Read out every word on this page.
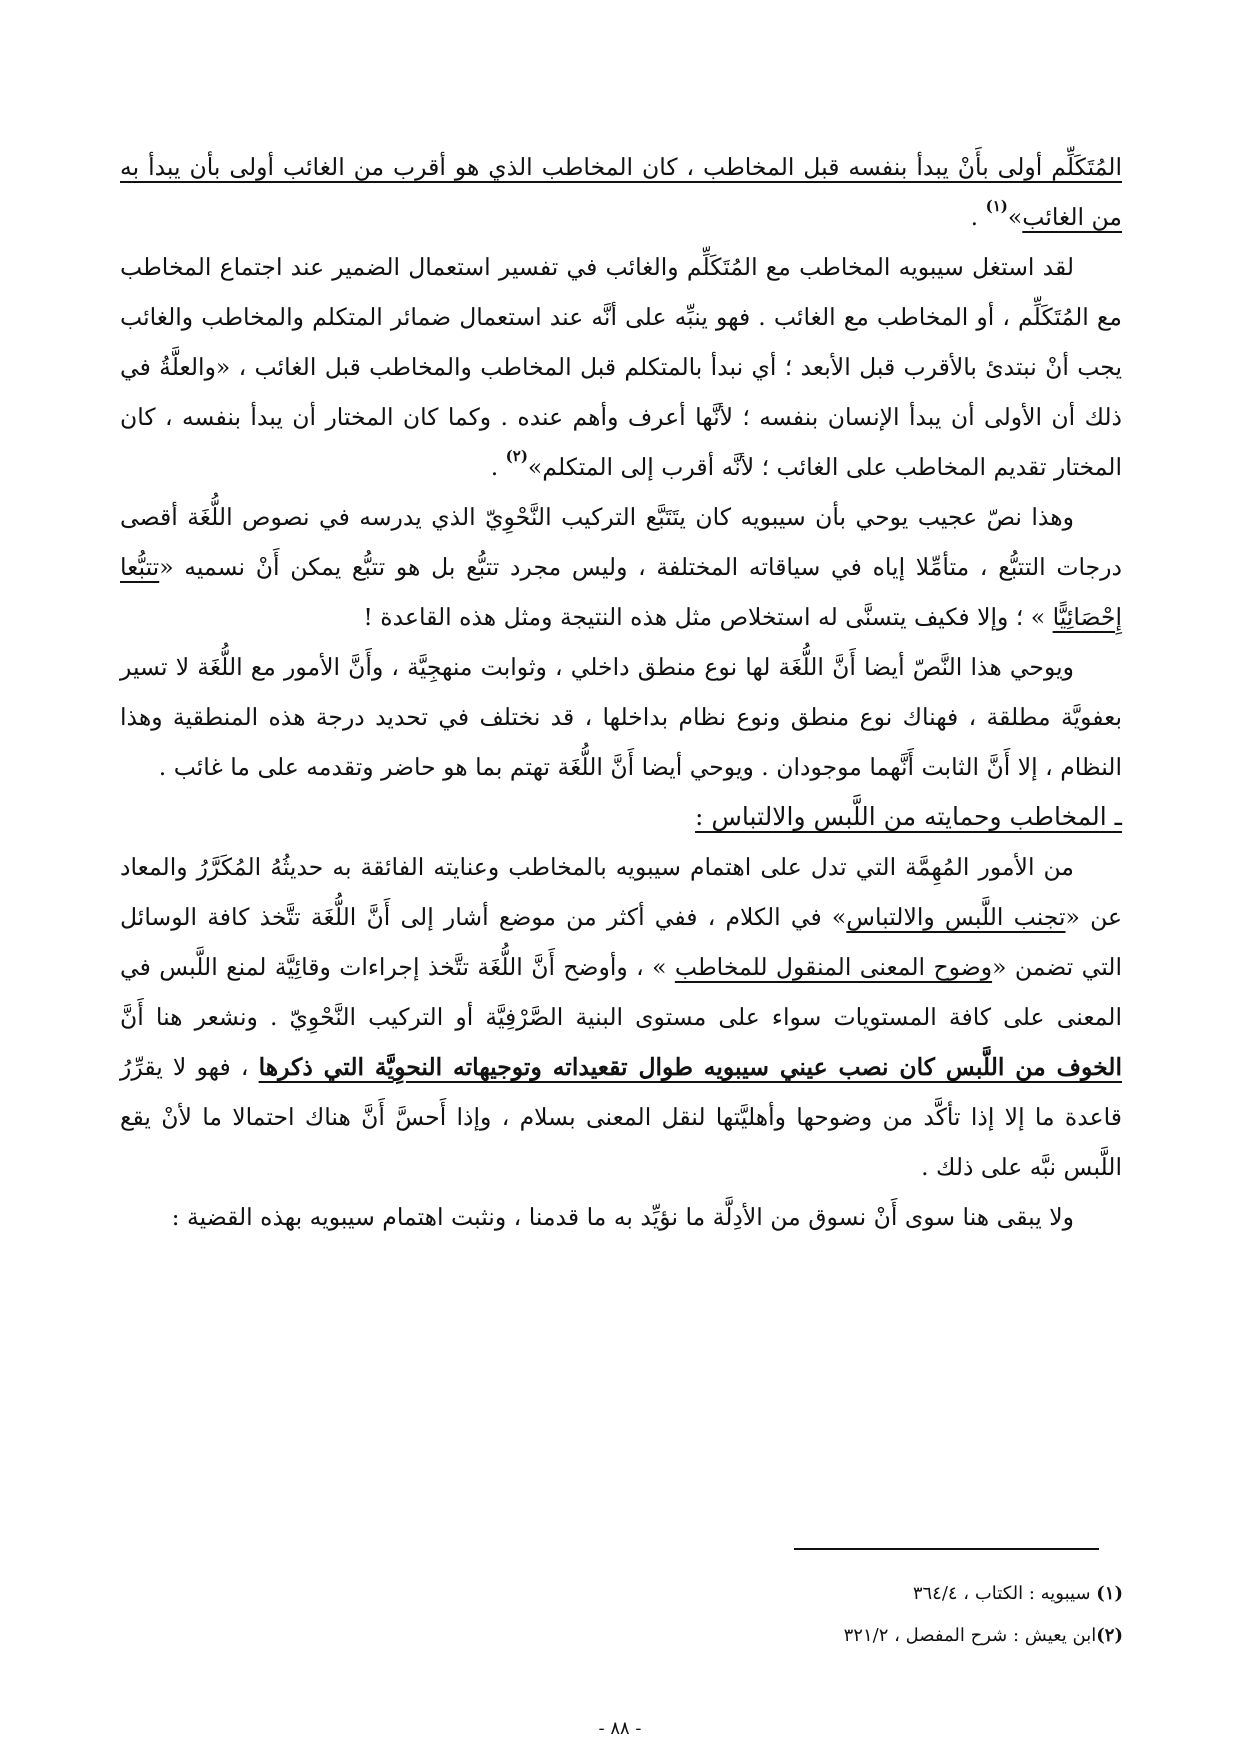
المُتَكَلِّم أولى بأَنْ يبدأ بنفسه قبل المخاطب ، كان المخاطب الذي هو أقرب من الغائب أولى بأن يبدأ به من الغائب»$^{(١)}$ .

لقد استغل سيبويه المخاطب مع المُتَكَلِّم والغائب في تفسير استعمال الضمير عند اجتماع المخاطب مع المُتَكَلِّم ، أو المخاطب مع الغائب . فهو ينبِّه على أنَّه عند استعمال ضمائر المتكلم والمخاطب والغائب يجب أنْ نبتدئ بالأقرب قبل الأبعد ؛ أي نبدأ بالمتكلم قبل المخاطب والمخاطب قبل الغائب ، «والعلَّةُ في ذلك أن الأولى أن يبدأ الإنسان بنفسه ؛ لأنَّها أعرف وأهم عنده . وكما كان المختار أن يبدأ بنفسه ، كان المختار تقديم المخاطب على الغائب ؛ لأنَّه أقرب إلى المتكلم»$^{(٢)}$ .

وهذا نصّ عجيب يوحي بأن سيبويه كان يتَتَبَّع التركيب النَّحْوِيّ الذي يدرسه في نصوص اللُّغَة أقصى درجات التتبُّع ، متأمِّلا إياه في سياقاته المختلفة ، وليس مجرد تتبُّع بل هو تتبُّع يمكن أَنْ نسميه «تتبُّعا إِحْصَائِيًّا » ؛ وإلا فكيف يتسنَّى له استخلاص مثل هذه النتيجة ومثل هذه القاعدة !

ويوحي هذا النَّصّ أيضا أَنَّ اللُّغَة لها نوع منطق داخلي ، وثوابت منهجِيَّة ، وأَنَّ الأمور مع اللُّغَة لا تسير بعفويَّة مطلقة ، فهناك نوع منطق ونوع نظام بداخلها ، قد نختلف في تحديد درجة هذه المنطقية وهذا النظام ، إلا أَنَّ الثابت أَنَّهما موجودان . ويوحي أيضا أَنَّ اللُّغَة تهتم بما هو حاضر وتقدمه على ما غائب .

ـ المخاطب وحمايته من اللَّبس والالتباس :

من الأمور المُهِمَّة التي تدل على اهتمام سيبويه بالمخاطب وعنايته الفائقة به حديثُهُ المُكَرَّرُ والمعاد عن «تجنب اللَّبس والالتباس» في الكلام ، ففي أكثر من موضع أشار إلى أَنَّ اللُّغَة تتَّخذ كافة الوسائل التي تضمن «وضوح المعنى المنقول للمخاطب » ، وأوضح أَنَّ اللُّغَة تتَّخذ إجراءات وقائِيَّة لمنع اللَّبس في المعنى على كافة المستويات سواء على مستوى البنية الصَّرْفِيَّة أو التركيب النَّحْوِيّ . ونشعر هنا أَنَّ الخوف من اللَّبس كان نصب عيني سيبويه طوال تقعيداته وتوجيهاته النحوِيَّة التي ذكرها ، فهو لا يقرِّرُ قاعدة ما إلا إذا تأكَّد من وضوحها وأهليَّتها لنقل المعنى بسلام ، وإذا أَحسَّ أَنَّ هناك احتمالا ما لأنْ يقع اللَّبس نبَّه على ذلك .

ولا يبقى هنا سوى أَنْ نسوق من الأدِلَّة ما نؤيِّد به ما قدمنا ، ونثبت اهتمام سيبويه بهذه القضية :

(١) سيبويه : الكتاب ، ٣٦٤/٤

(٢)ابن يعيش : شرح المفصل ، ٣٢١/٢

- ٨٨ -
